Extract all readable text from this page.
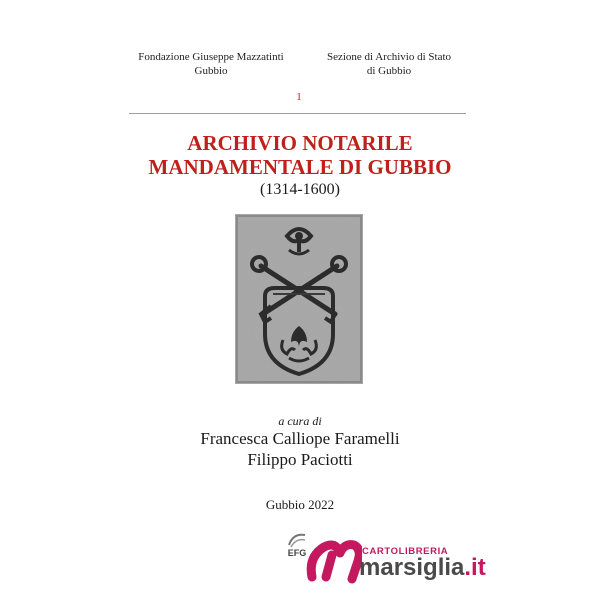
Fondazione Giuseppe Mazzatinti
Gubbio
Sezione di Archivio di Stato
di Gubbio
1
ARCHIVIO NOTARILE
MANDAMENTALE DI GUBBIO
(1314-1600)
a cura di
Francesca Calliope Faramelli
Filippo Paciotti
Gubbio 2022
EFG	CARTOLIBRERIA
marsiglia.it
